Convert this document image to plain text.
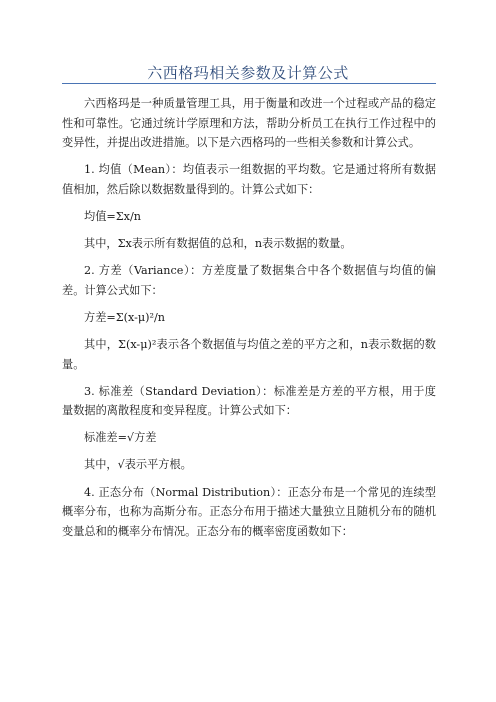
六西格玛相关参数及计算公式

六西格玛是一种质量管理工具，用于衡量和改进一个过程或产品的稳定性和可靠性。它通过统计学原理和方法，帮助分析员工在执行工作过程中的变异性，并提出改进措施。以下是六西格玛的一些相关参数和计算公式。

1. 均值（Mean）：均值表示一组数据的平均数。它是通过将所有数据值相加，然后除以数据数量得到的。计算公式如下：

均值=Σx/n

其中，Σx表示所有数据值的总和，n表示数据的数量。

2. 方差（Variance）：方差度量了数据集合中各个数据值与均值的偏差。计算公式如下：

方差=Σ(x-μ)²/n

其中，Σ(x-μ)²表示各个数据值与均值之差的平方之和，n表示数据的数量。

3. 标准差（Standard Deviation）：标准差是方差的平方根，用于度量数据的离散程度和变异程度。计算公式如下：

标准差=√方差

其中，√表示平方根。

4. 正态分布（Normal Distribution）：正态分布是一个常见的连续型概率分布，也称为高斯分布。正态分布用于描述大量独立且随机分布的随机变量总和的概率分布情况。正态分布的概率密度函数如下：
